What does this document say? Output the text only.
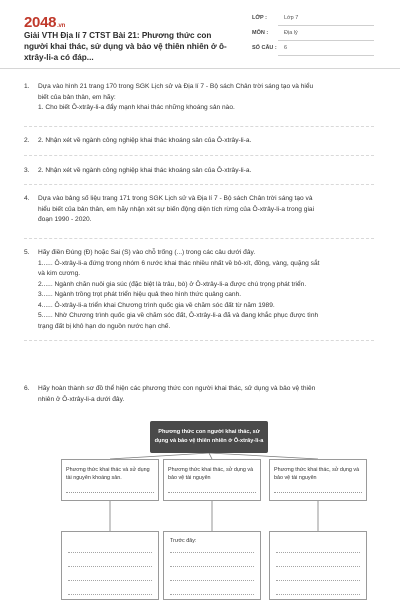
2048.vn
Giải VTH Địa lí 7 CTST Bài 21: Phương thức con người khai thác, sử dụng và bảo vệ thiên nhiên ở ô-xtrây-li-a có đáp...
LỚP :	Lớp 7
MÔN :	Địa lý
SỐ CÂU : 6
1. Dựa vào hình 21 trang 170 trong SGK Lịch sử và Địa lí 7 - Bộ sách Chân trời sáng tạo và hiểu

biết của bản thân, em hãy:

1. Cho biết Ô-xtrây-li-a đẩy mạnh khai thác những khoáng sản nào.

2. 2. Nhận xét về ngành công nghiệp khai thác khoáng sản của Ô-xtrây-li-a.

3. 2. Nhận xét về ngành công nghiệp khai thác khoáng sản của Ô-xtrây-li-a.

4. Dựa vào bảng số liệu trang 171 trong SGK Lịch sử và Địa lí 7 - Bộ sách Chân trời sáng tạo và

hiểu biết của bản thân, em hãy nhận xét sự biến động diện tích rừng của Ô-xtrây-li-a trong giai

đoạn 1990 - 2020.

5. Hãy điền Đúng (Đ) hoặc Sai (S) vào chỗ trống (...) trong các câu dưới đây.

1...... Ô-xtrây-li-a đứng trong nhóm 6 nước khai thác nhiều nhất về bô-xít, đồng, vàng, quặng sắt

và kim cương.

2...... Ngành chăn nuôi gia súc (đặc biệt là trâu, bò) ở Ô-xtrây-li-a được chú trọng phát triển.

3...... Ngành trồng trọt phát triển hiệu quả theo hình thức quảng canh.

4...... Ô-xtrây-li-a triển khai Chương trình quốc gia về chăm sóc đất từ năm 1989.

5...... Nhờ Chương trình quốc gia về chăm sóc đất, Ô-xtrây-li-a đã và đang khắc phục được tình

trạng đất bị khô hạn do nguồn nước hạn chế.

6. Hãy hoàn thành sơ đồ thể hiện các phương thức con người khai thác, sử dụng và bảo vệ thiên

nhiên ở Ô-xtrây-li-a dưới đây.

Phương thức con người khai thác, sử dụng và bảo vệ thiên nhiên ở Ô-xtrây-li-a
Phương thức khai thác và sử dụng tài nguyên khoáng sản.
Phương thức khai thác, sử dụng và bảo vệ tài nguyên
Phương thức khai thác, sử dụng và bảo vệ tài nguyên
Trước đây:
